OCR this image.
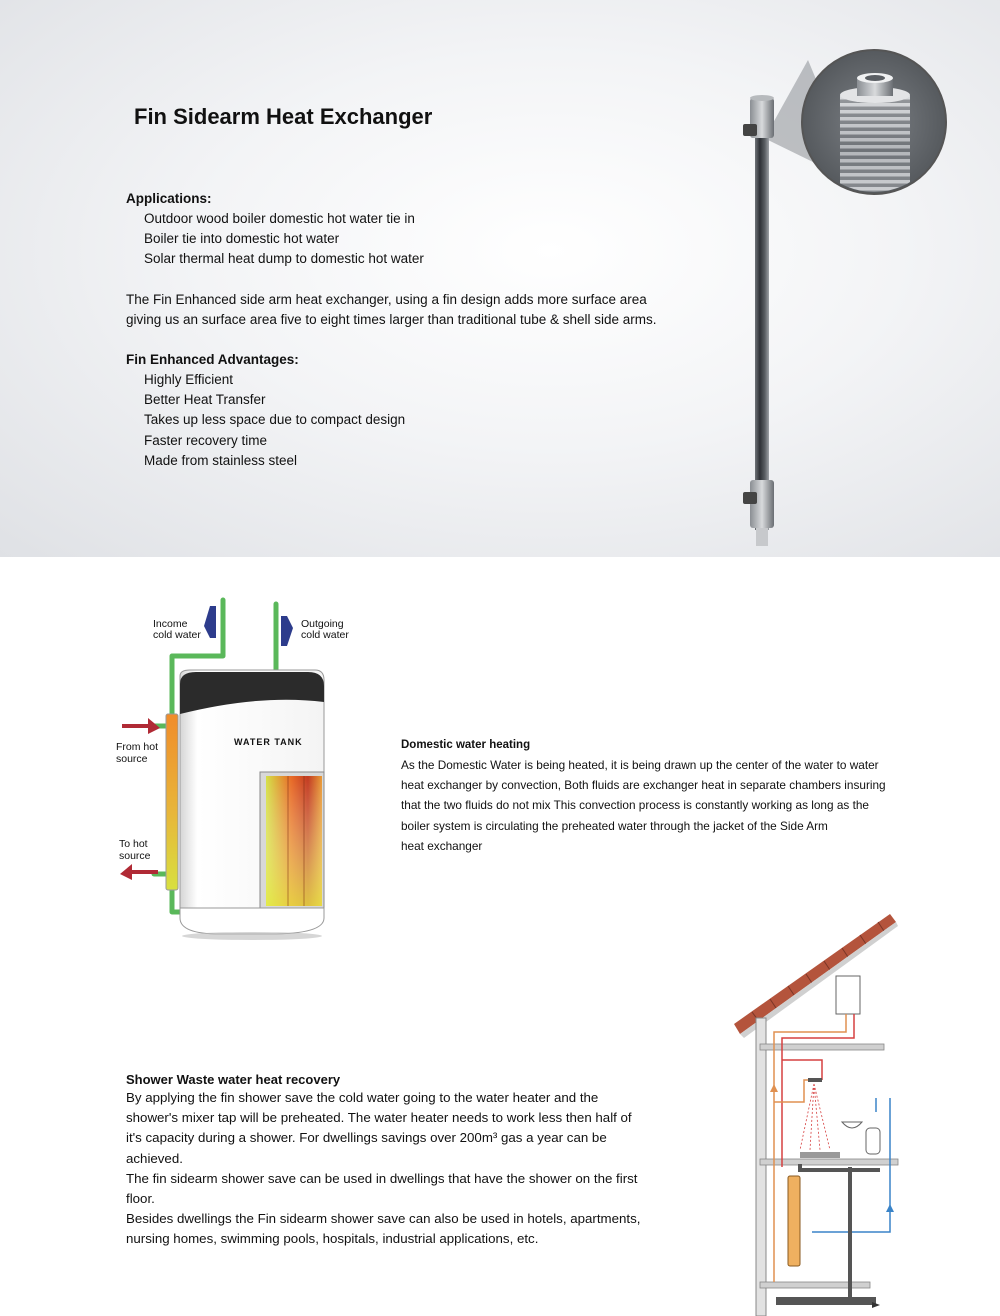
Fin Sidearm Heat Exchanger
Applications:
Outdoor wood boiler domestic hot water tie in
Boiler tie into domestic hot water
Solar thermal heat dump to domestic hot water

The Fin Enhanced side arm heat exchanger, using a fin design adds more surface area
giving us an surface area five to eight times larger than traditional tube & shell side arms.

Fin Enhanced Advantages:
Highly Efficient
Better Heat Transfer
Takes up less space due to compact design
Faster recovery time
Made from stainless steel
WATER TANK
Income
cold water
Outgoing
cold water
From hot
source
To hot
source
Domestic water heating

As the Domestic Water is being heated, it is being drawn up the center of the water to water
heat exchanger by convection, Both fluids are exchanger heat in separate chambers insuring
that the two fluids do not mix This convection process is constantly working as long as the
boiler system is circulating the preheated water through the jacket of the Side Arm
heat exchanger

Shower Waste water heat recovery

By applying the fin shower save the cold water going to the water heater and the
shower's mixer tap will be preheated. The water heater needs to work less then half of
it's capacity during a shower. For dwellings savings over 200m³ gas a year can be
achieved.
The fin sidearm shower save can be used in dwellings that have the shower on the first
floor.
Besides dwellings the Fin sidearm shower save can also be used in hotels, apartments,
nursing homes, swimming pools, hospitals, industrial applications, etc.
